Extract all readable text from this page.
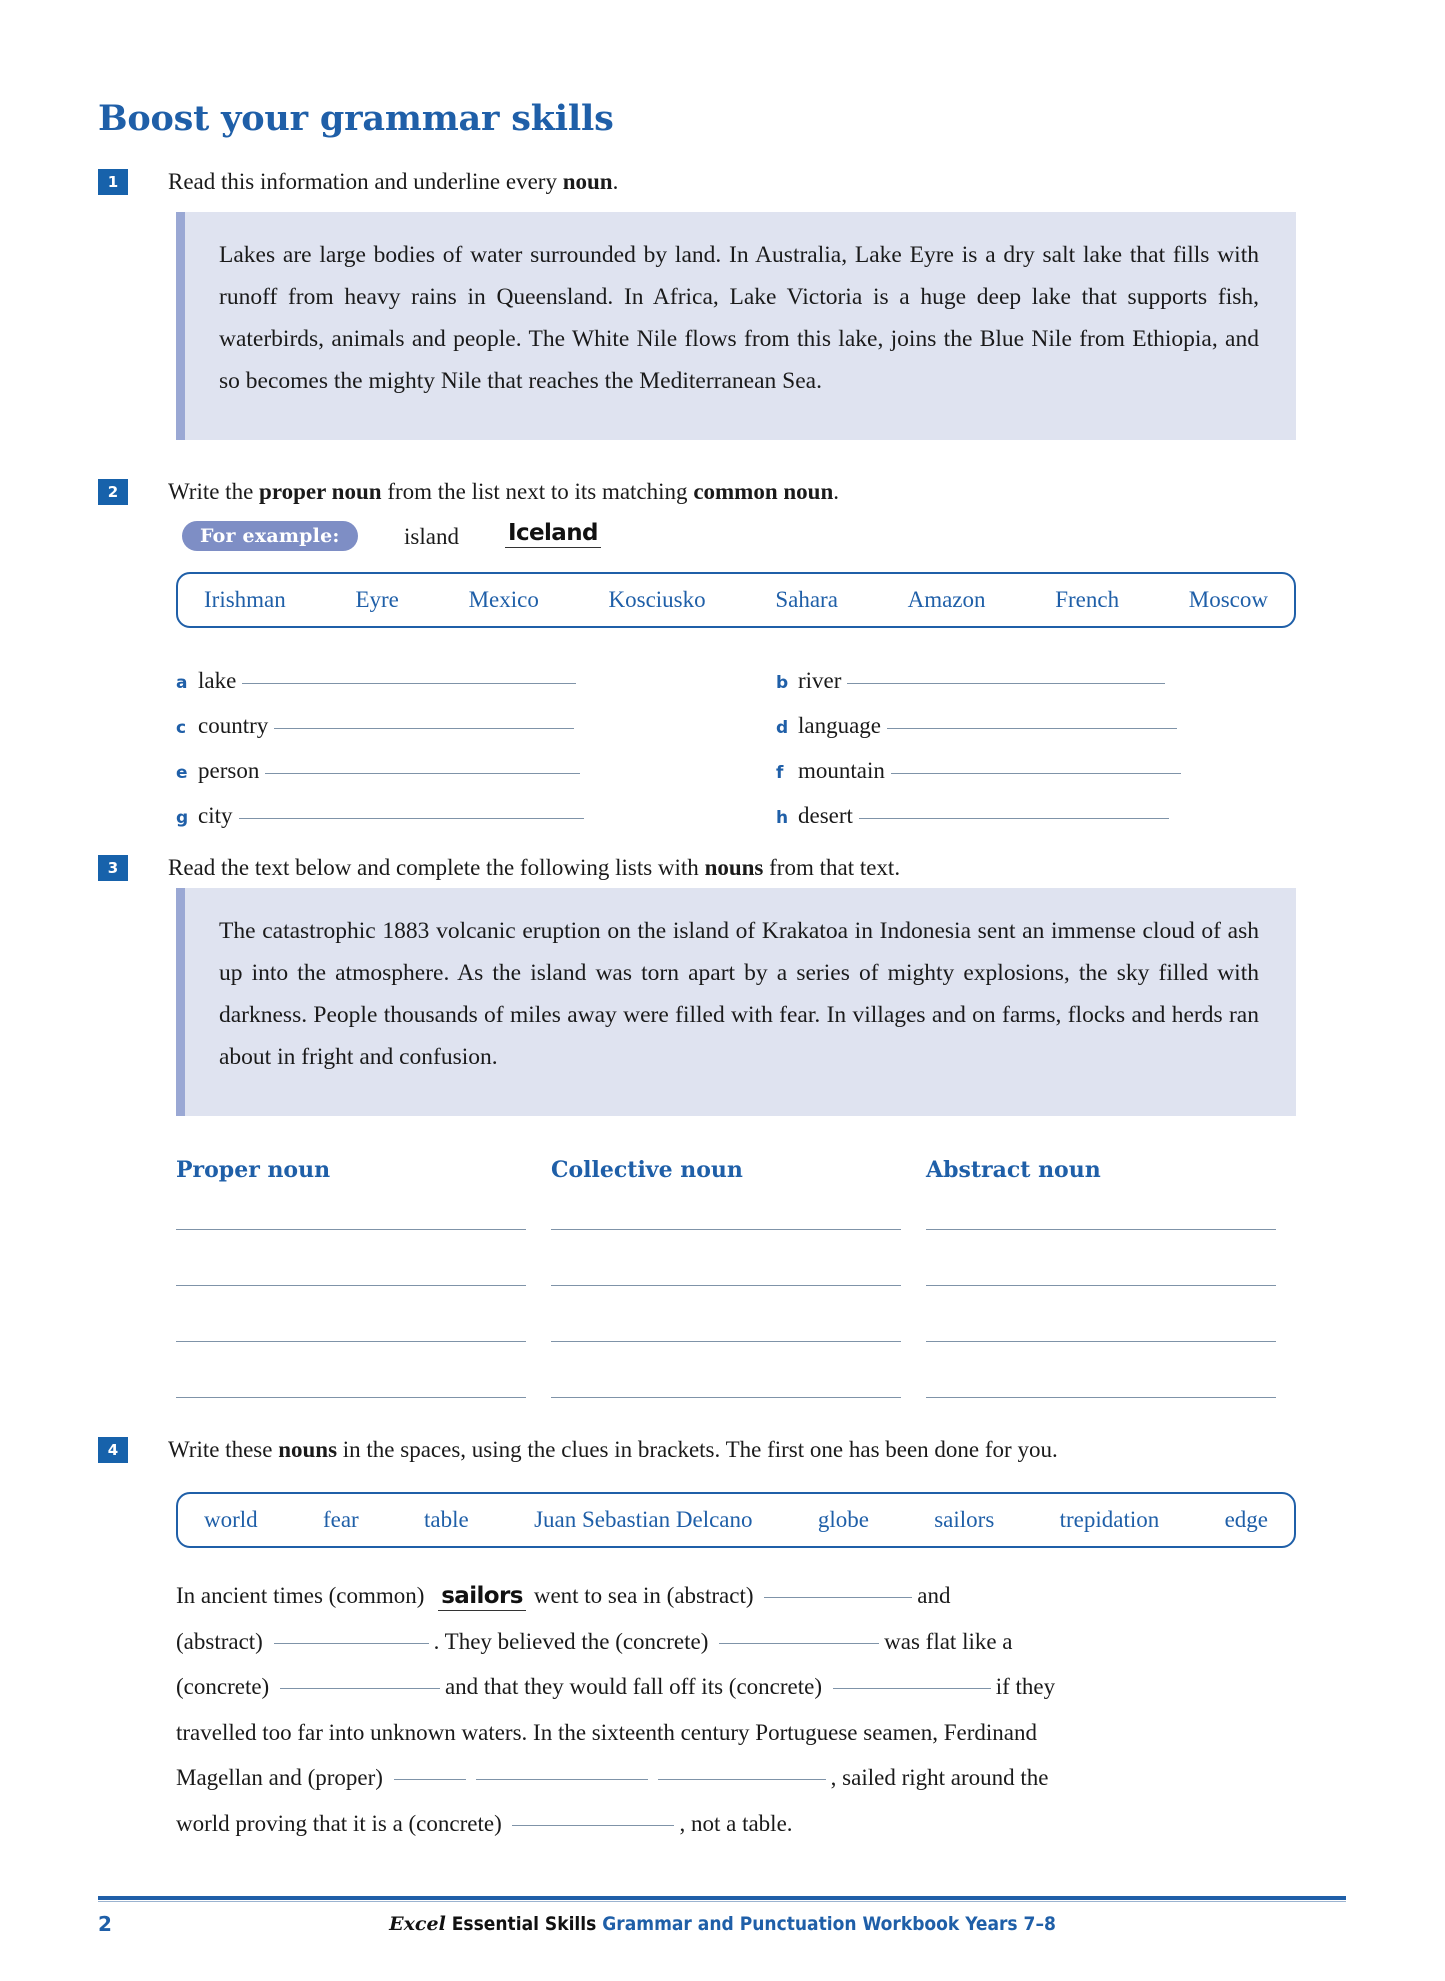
Boost your grammar skills
1	Read this information and underline every noun.
Lakes are large bodies of water surrounded by land. In Australia, Lake Eyre is a dry salt lake that fills with runoff from heavy rains in Queensland. In Africa, Lake Victoria is a huge deep lake that supports fish, waterbirds, animals and people. The White Nile flows from this lake, joins the Blue Nile from Ethiopia, and so becomes the mighty Nile that reaches the Mediterranean Sea.
2	Write the proper noun from the list next to its matching common noun.
For example:	island Iceland
Irishman	Eyre	Mexico	Kosciusko	Sahara	Amazon	French	Moscow
a lake	b river
c country	d language
e person	f mountain
g city	h desert
3	Read the text below and complete the following lists with nouns from that text.
The catastrophic 1883 volcanic eruption on the island of Krakatoa in Indonesia sent an immense cloud of ash up into the atmosphere. As the island was torn apart by a series of mighty explosions, the sky filled with darkness. People thousands of miles away were filled with fear. In villages and on farms, flocks and herds ran about in fright and confusion.
Proper noun	Collective noun	Abstract noun
4	Write these nouns in the spaces, using the clues in brackets. The first one has been done for you.
world	fear	table	Juan Sebastian Delcano	globe	sailors	trepidation	edge
In ancient times (common)
sailors went to sea in (abstract)
	and

(abstract)
	. They believed the (concrete)
	was flat like a

(concrete)
	and that they would fall off its (concrete)
	if they

travelled too far into unknown waters. In the sixteenth century Portuguese seamen, Ferdinand

Magellan and (proper)
	, sailed right around the

world proving that it is a (concrete)
	, not a table.

2	Excel Essential Skills Grammar and Punctuation Workbook Years 7–8
